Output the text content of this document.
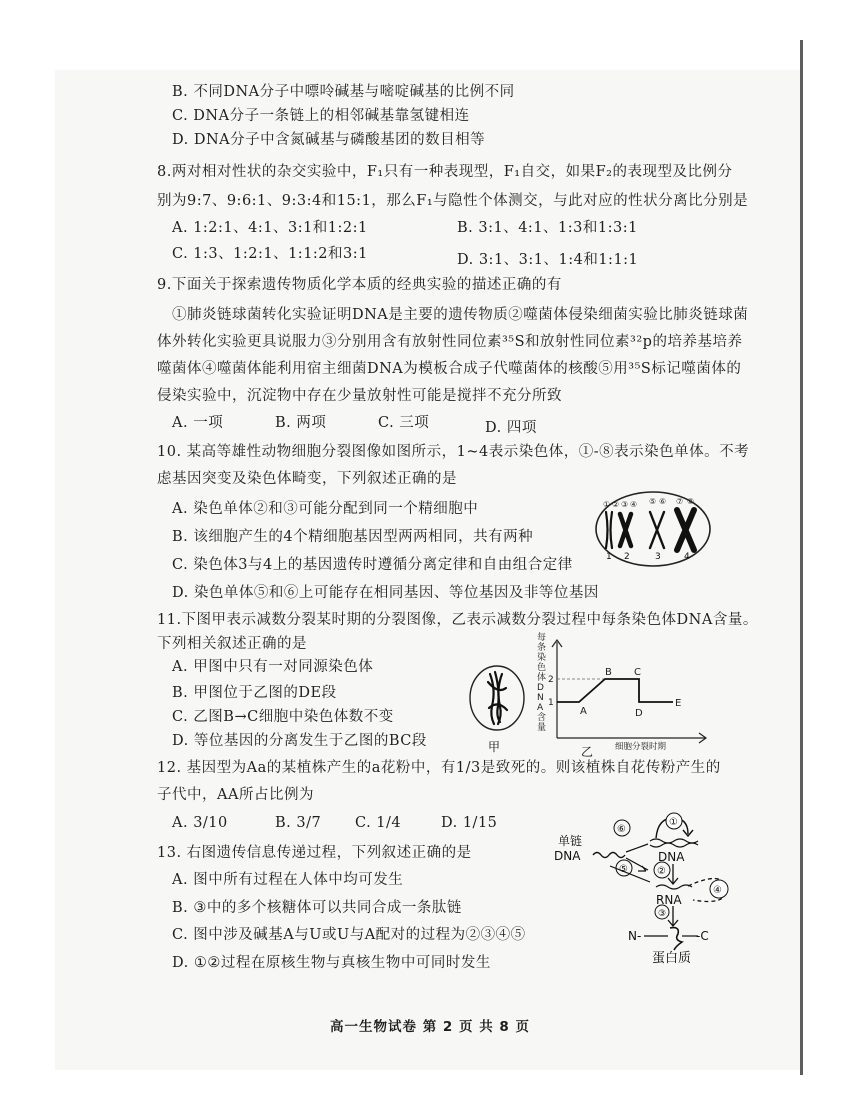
B. 不同DNA分子中嘌呤碱基与嘧啶碱基的比例不同
C. DNA分子一条链上的相邻碱基靠氢键相连
D. DNA分子中含氮碱基与磷酸基团的数目相等
8.两对相对性状的杂交实验中，F₁只有一种表现型，F₁自交，如果F₂的表现型及比例分
别为9:7、9:6:1、9:3:4和15:1，那么F₁与隐性个体测交，与此对应的性状分离比分别是
A. 1:2:1、4:1、3:1和1:2:1	B. 3:1、4:1、1:3和1:3:1
C. 1:3、1:2:1、1:1:2和3:1	D. 3:1、3:1、1:4和1:1:1
9.下面关于探索遗传物质化学本质的经典实验的描述正确的有
①肺炎链球菌转化实验证明DNA是主要的遗传物质②噬菌体侵染细菌实验比肺炎链球菌
体外转化实验更具说服力③分别用含有放射性同位素³⁵S和放射性同位素³²p的培养基培养
噬菌体④噬菌体能利用宿主细菌DNA为模板合成子代噬菌体的核酸⑤用³⁵S标记噬菌体的
侵染实验中，沉淀物中存在少量放射性可能是搅拌不充分所致
A. 一项	B. 两项	C. 三项	D. 四项
10. 某高等雄性动物细胞分裂图像如图所示，1~4表示染色体，①-⑧表示染色单体。不考
虑基因突变及染色体畸变，下列叙述正确的是
A. 染色单体②和③可能分配到同一个精细胞中
B. 该细胞产生的4个精细胞基因型两两相同，共有两种
C. 染色体3与4上的基因遗传时遵循分离定律和自由组合定律
D. 染色单体⑤和⑥上可能存在相同基因、等位基因及非等位基因
11.下图甲表示减数分裂某时期的分裂图像，乙表示减数分裂过程中每条染色体DNA含量。
下列相关叙述正确的是
A. 甲图中只有一对同源染色体
B. 甲图位于乙图的DE段
C. 乙图B→C细胞中染色体数不变
D. 等位基因的分离发生于乙图的BC段
12. 基因型为Aa的某植株产生的a花粉中，有1/3是致死的。则该植株自花传粉产生的
子代中，AA所占比例为
A. 3/10	B. 3/7 C. 1/4	D. 1/15
13. 右图遗传信息传递过程，下列叙述正确的是
A. 图中所有过程在人体中均可发生
B. ③中的多个核糖体可以共同合成一条肽链
C. 图中涉及碱基A与U或U与A配对的过程为②③④⑤
D. ①②过程在原核生物与真核生物中可同时发生
① ② ③ ④ ⑤ ⑥ ⑦ ⑧
1 2	3	4
甲
每
条
染
色
体
D
N
A
含
量
2
1
A
B C
D
E
细胞分裂时期
乙
单链
DNA	DNA
①
⑥
②
RNA
④
⑤
③
N-	-C
蛋白质
高一生物试卷 第 2 页 共 8 页
